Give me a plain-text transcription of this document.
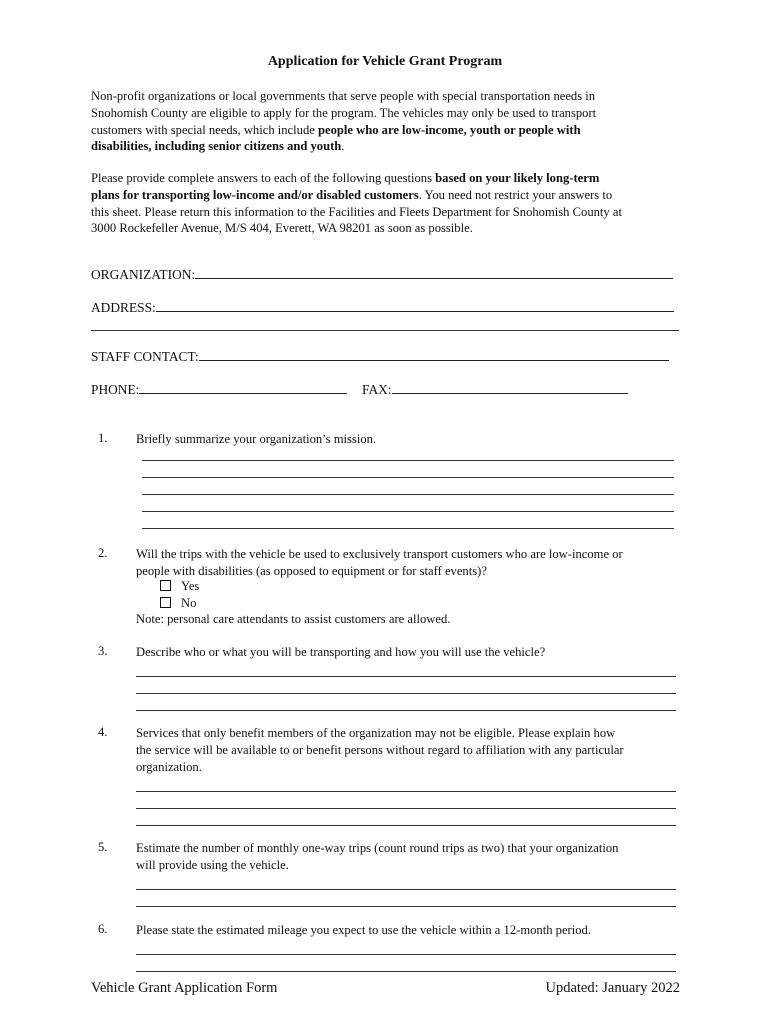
Application for Vehicle Grant Program

Non-profit organizations or local governments that serve people with special transportation needs in

Snohomish County are eligible to apply for the program. The vehicles may only be used to transport

customers with special needs, which include people who are low-income, youth or people with

disabilities, including senior citizens and youth.

Please provide complete answers to each of the following questions based on your likely long-term

plans for transporting low-income and/or disabled customers. You need not restrict your answers to

this sheet. Please return this information to the Facilities and Fleets Department for Snohomish County at

3000 Rockefeller Avenue, M/S 404, Everett, WA 98201 as soon as possible.

ORGANIZATION:
ADDRESS:
STAFF CONTACT:
PHONE:	FAX:
1. Briefly summarize your organization’s mission.

2. Will the trips with the vehicle be used to exclusively transport customers who are low-income or

people with disabilities (as opposed to equipment or for staff events)?

Yes
No

Note: personal care attendants to assist customers are allowed.

3. Describe who or what you will be transporting and how you will use the vehicle?

4. Services that only benefit members of the organization may not be eligible. Please explain how

the service will be available to or benefit persons without regard to affiliation with any particular

organization.

5. Estimate the number of monthly one-way trips (count round trips as two) that your organization

will provide using the vehicle.

6. Please state the estimated mileage you expect to use the vehicle within a 12-month period.

Vehicle Grant Application Form	Updated: January 2022
